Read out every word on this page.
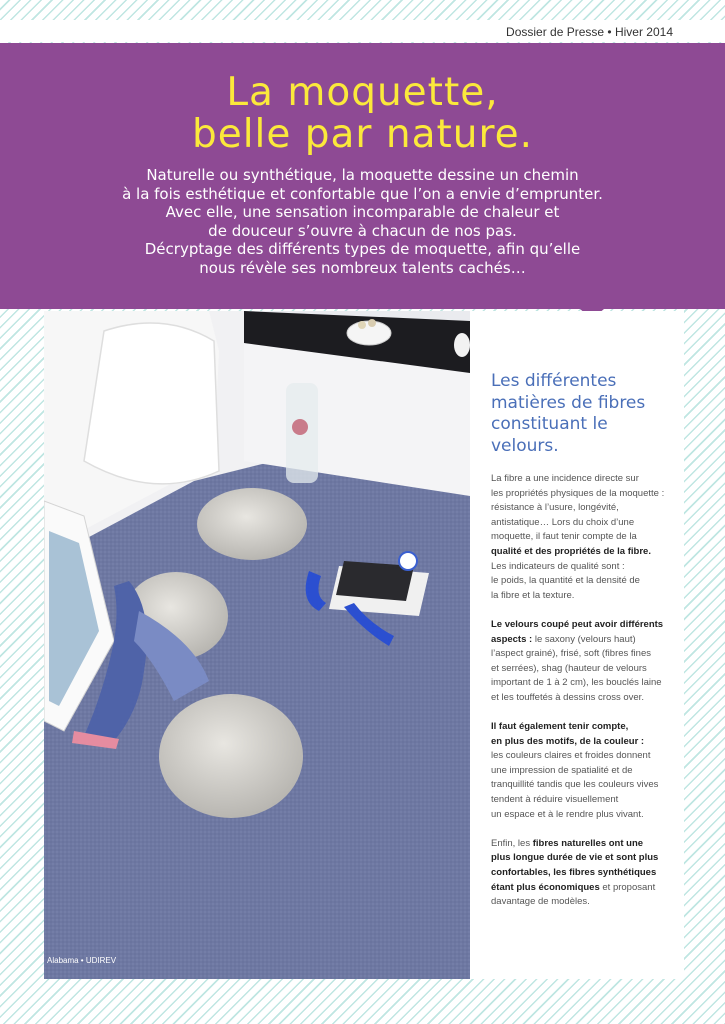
Dossier de Presse • Hiver 2014
La moquette,
belle par nature.
Naturelle ou synthétique, la moquette dessine un chemin
à la fois esthétique et confortable que l’on a envie d’emprunter.
Avec elle, une sensation incomparable de chaleur et
de douceur s’ouvre à chacun de nos pas.
Décryptage des différents types de moquette, afin qu’elle
nous révèle ses nombreux talents cachés…
Alabama • UDIREV
Les différentes
matières de fibres
constituant le
velours.

La fibre a une incidence directe sur
les propriétés physiques de la moquette :
résistance à l’usure, longévité,
antistatique… Lors du choix d’une
moquette, il faut tenir compte de la
qualité et des propriétés de la fibre.
Les indicateurs de qualité sont :
le poids, la quantité et la densité de
la fibre et la texture.

Le velours coupé peut avoir différents
aspects : le saxony (velours haut)
l’aspect grainé), frisé, soft (fibres fines
et serrées), shag (hauteur de velours
important de 1 à 2 cm), les bouclés laine
et les touffetés à dessins cross over.

Il faut également tenir compte,
en plus des motifs, de la couleur :
les couleurs claires et froides donnent
une impression de spatialité et de
tranquillité tandis que les couleurs vives
tendent à réduire visuellement
un espace et à le rendre plus vivant.

Enfin, les fibres naturelles ont une
plus longue durée de vie et sont plus
confortables, les fibres synthétiques
étant plus économiques et proposant
davantage de modèles.
